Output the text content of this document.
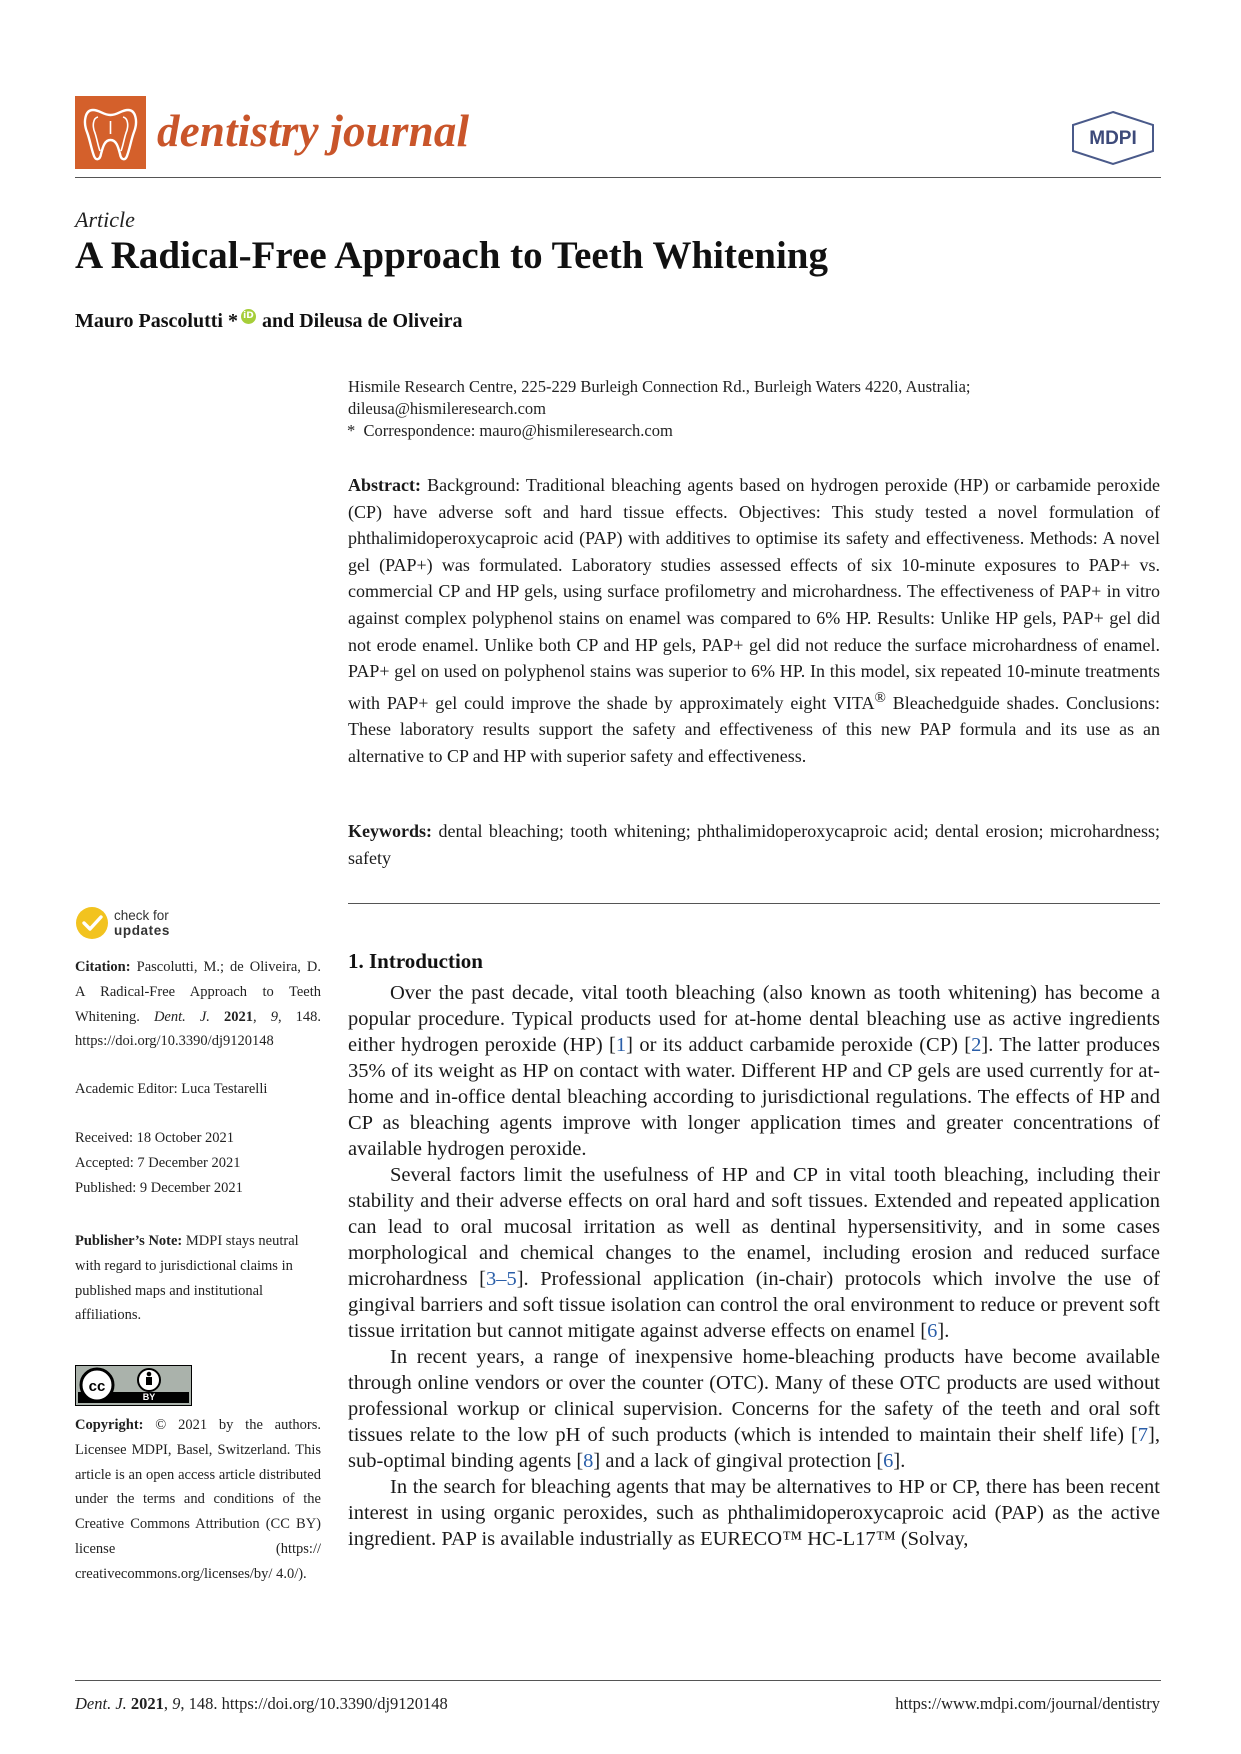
dentistry journal	MDPI
Article
A Radical-Free Approach to Teeth Whitening
Mauro Pascolutti * iD and Dileusa de Oliveira
Hismile Research Centre, 225-229 Burleigh Connection Rd., Burleigh Waters 4220, Australia;
dileusa@hismileresearch.com
*  Correspondence: mauro@hismileresearch.com
Abstract: Background: Traditional bleaching agents based on hydrogen peroxide (HP) or carbamide peroxide (CP) have adverse soft and hard tissue effects. Objectives: This study tested a novel formulation of phthalimidoperoxycaproic acid (PAP) with additives to optimise its safety and effectiveness. Methods: A novel gel (PAP+) was formulated. Laboratory studies assessed effects of six 10-minute exposures to PAP+ vs. commercial CP and HP gels, using surface profilometry and microhardness. The effectiveness of PAP+ in vitro against complex polyphenol stains on enamel was compared to 6% HP. Results: Unlike HP gels, PAP+ gel did not erode enamel. Unlike both CP and HP gels, PAP+ gel did not reduce the surface microhardness of enamel. PAP+ gel on used on polyphenol stains was superior to 6% HP. In this model, six repeated 10-minute treatments with PAP+ gel could improve the shade by approximately eight VITA® Bleachedguide shades. Conclusions: These laboratory results support the safety and effectiveness of this new PAP formula and its use as an alternative to CP and HP with superior safety and effectiveness.
Keywords: dental bleaching; tooth whitening; phthalimidoperoxycaproic acid; dental erosion; microhardness; safety
check for
updates
Citation: Pascolutti, M.; de Oliveira, D. A Radical-Free Approach to Teeth Whitening. Dent. J. 2021, 9, 148. https://doi.org/10.3390/dj9120148
Academic Editor: Luca Testarelli
Received: 18 October 2021
Accepted: 7 December 2021
Published: 9 December 2021
Publisher’s Note: MDPI stays neutral with regard to jurisdictional claims in published maps and institutional affiliations.
cc
BY
Copyright: © 2021 by the authors. Licensee MDPI, Basel, Switzerland. This article is an open access article distributed under the terms and conditions of the Creative Commons Attribution (CC BY) license (https:// creativecommons.org/licenses/by/ 4.0/).
1. Introduction

Over the past decade, vital tooth bleaching (also known as tooth whitening) has become a popular procedure. Typical products used for at-home dental bleaching use as active ingredients either hydrogen peroxide (HP) [1] or its adduct carbamide peroxide (CP) [2]. The latter produces 35% of its weight as HP on contact with water. Different HP and CP gels are used currently for at-home and in-office dental bleaching according to jurisdictional regulations. The effects of HP and CP as bleaching agents improve with longer application times and greater concentrations of available hydrogen peroxide.

Several factors limit the usefulness of HP and CP in vital tooth bleaching, including their stability and their adverse effects on oral hard and soft tissues. Extended and repeated application can lead to oral mucosal irritation as well as dentinal hypersensitivity, and in some cases morphological and chemical changes to the enamel, including erosion and reduced surface microhardness [3–5]. Professional application (in-chair) protocols which involve the use of gingival barriers and soft tissue isolation can control the oral environment to reduce or prevent soft tissue irritation but cannot mitigate against adverse effects on enamel [6].

In recent years, a range of inexpensive home-bleaching products have become available through online vendors or over the counter (OTC). Many of these OTC products are used without professional workup or clinical supervision. Concerns for the safety of the teeth and oral soft tissues relate to the low pH of such products (which is intended to maintain their shelf life) [7], sub-optimal binding agents [8] and a lack of gingival protection [6].

In the search for bleaching agents that may be alternatives to HP or CP, there has been recent interest in using organic peroxides, such as phthalimidoperoxycaproic acid (PAP) as the active ingredient. PAP is available industrially as EURECO™ HC-L17™ (Solvay,

Dent. J. 2021, 9, 148. https://doi.org/10.3390/dj9120148	https://www.mdpi.com/journal/dentistry
